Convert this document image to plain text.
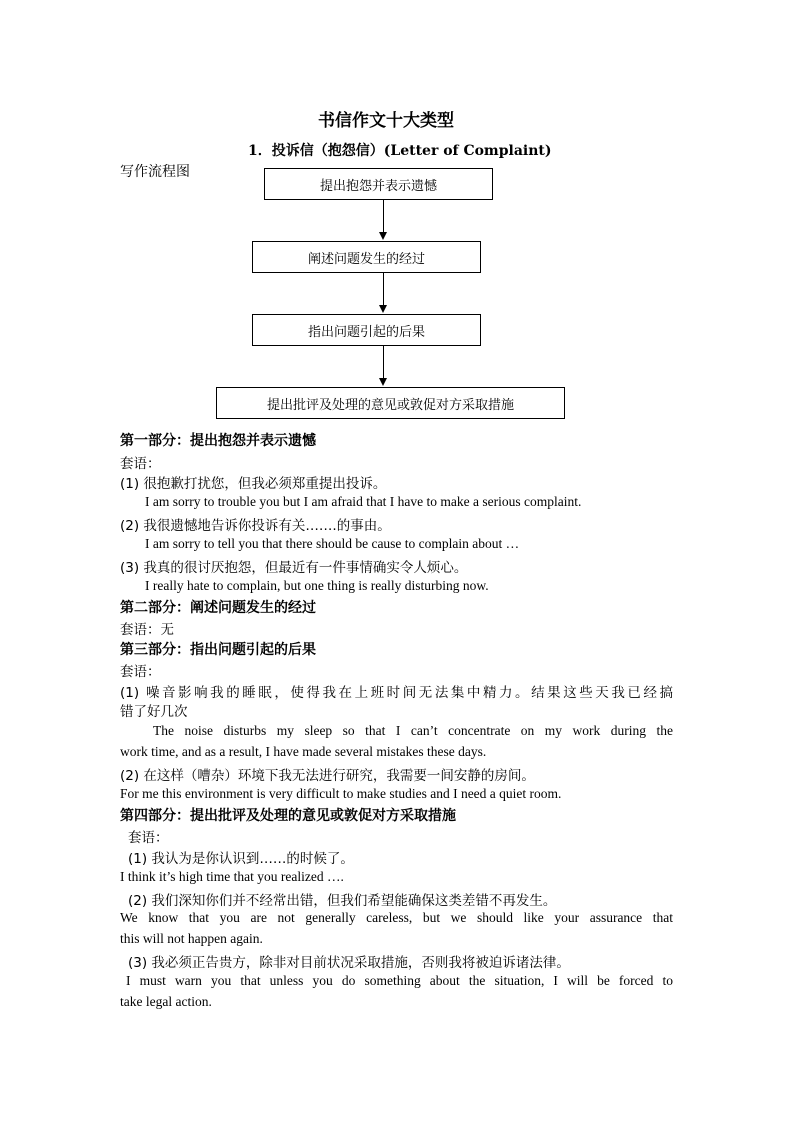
书信作文十大类型
1．投诉信（抱怨信）(Letter of Complaint)
写作流程图
提出抱怨并表示遗憾
阐述问题发生的经过
指出问题引起的后果
提出批评及处理的意见或敦促对方采取措施
第一部分：提出抱怨并表示遗憾
套语：
(1) 很抱歉打扰您，但我必须郑重提出投诉。
I am sorry to trouble you but I am afraid that I have to make a serious complaint.
(2) 我很遗憾地告诉你投诉有关…….的事由。
I am sorry to tell you that there should be cause to complain about …
(3) 我真的很讨厌抱怨，但最近有一件事情确实令人烦心。
I really hate to complain, but one thing is really disturbing now.
第二部分：阐述问题发生的经过
套语：无
第三部分：指出问题引起的后果
套语：
(1) 噪音影响我的睡眠，使得我在上班时间无法集中精力。结果这些天我已经搞
错了好几次
The noise disturbs my sleep so that I can’t concentrate on my work during the
work time, and as a result, I have made several mistakes these days.
(2) 在这样（嘈杂）环境下我无法进行研究，我需要一间安静的房间。
For me this environment is very difficult to make studies and I need a quiet room.
第四部分：提出批评及处理的意见或敦促对方采取措施
套语：
(1) 我认为是你认识到……的时候了。
I think it’s high time that you realized ….
(2) 我们深知你们并不经常出错，但我们希望能确保这类差错不再发生。
We know that you are not generally careless, but we should like your assurance that
this will not happen again.
(3) 我必须正告贵方，除非对目前状况采取措施，否则我将被迫诉诸法律。
I must warn you that unless you do something about the situation, I will be forced to
take legal action.
